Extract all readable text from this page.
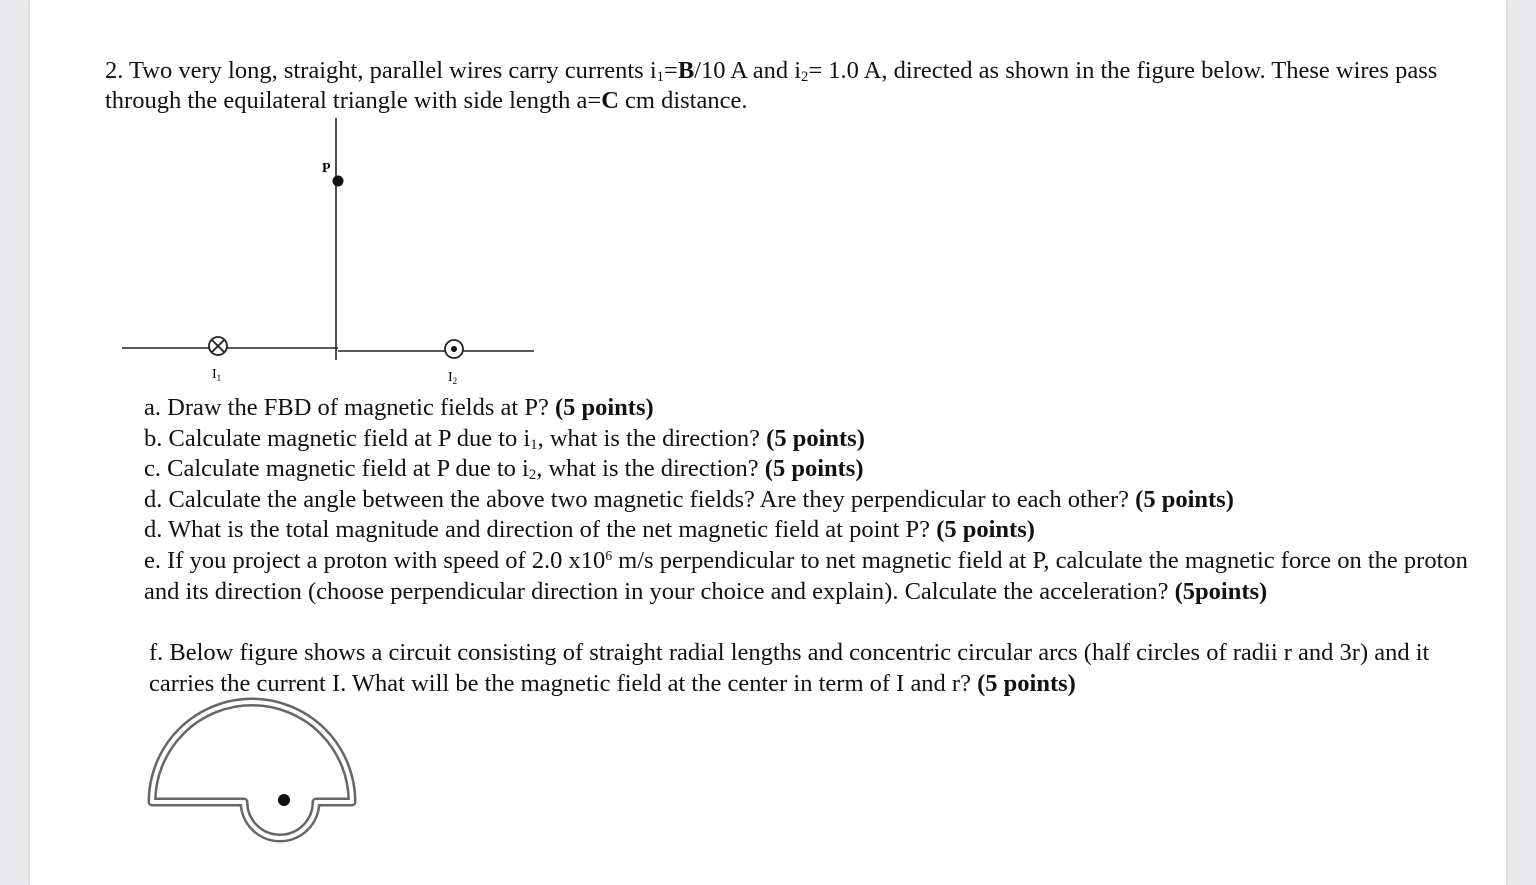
2. Two very long, straight, parallel wires carry currents $i_1=B/10$ A and $i_2= 1.0$ A, directed as shown in the figure below. These wires pass through the equilateral triangle with side length a=C cm distance.

P
$I_1$	$I_2$

a. Draw the FBD of magnetic fields at P? (5 points)

b. Calculate magnetic field at P due to $i_1$, what is the direction? (5 points)

c. Calculate magnetic field at P due to $i_2$, what is the direction? (5 points)

d. Calculate the angle between the above two magnetic fields? Are they perpendicular to each other? (5 points)

d. What is the total magnitude and direction of the net magnetic field at point P? (5 points)

e. If you project a proton with speed of 2.0 $x10^6$ m/s perpendicular to net magnetic field at P, calculate the magnetic force on the proton and its direction (choose perpendicular direction in your choice and explain). Calculate the acceleration? (5points)

f. Below figure shows a circuit consisting of straight radial lengths and concentric circular arcs (half circles of radii r and 3r) and it carries the current I. What will be the magnetic field at the center in term of I and r? (5 points)
